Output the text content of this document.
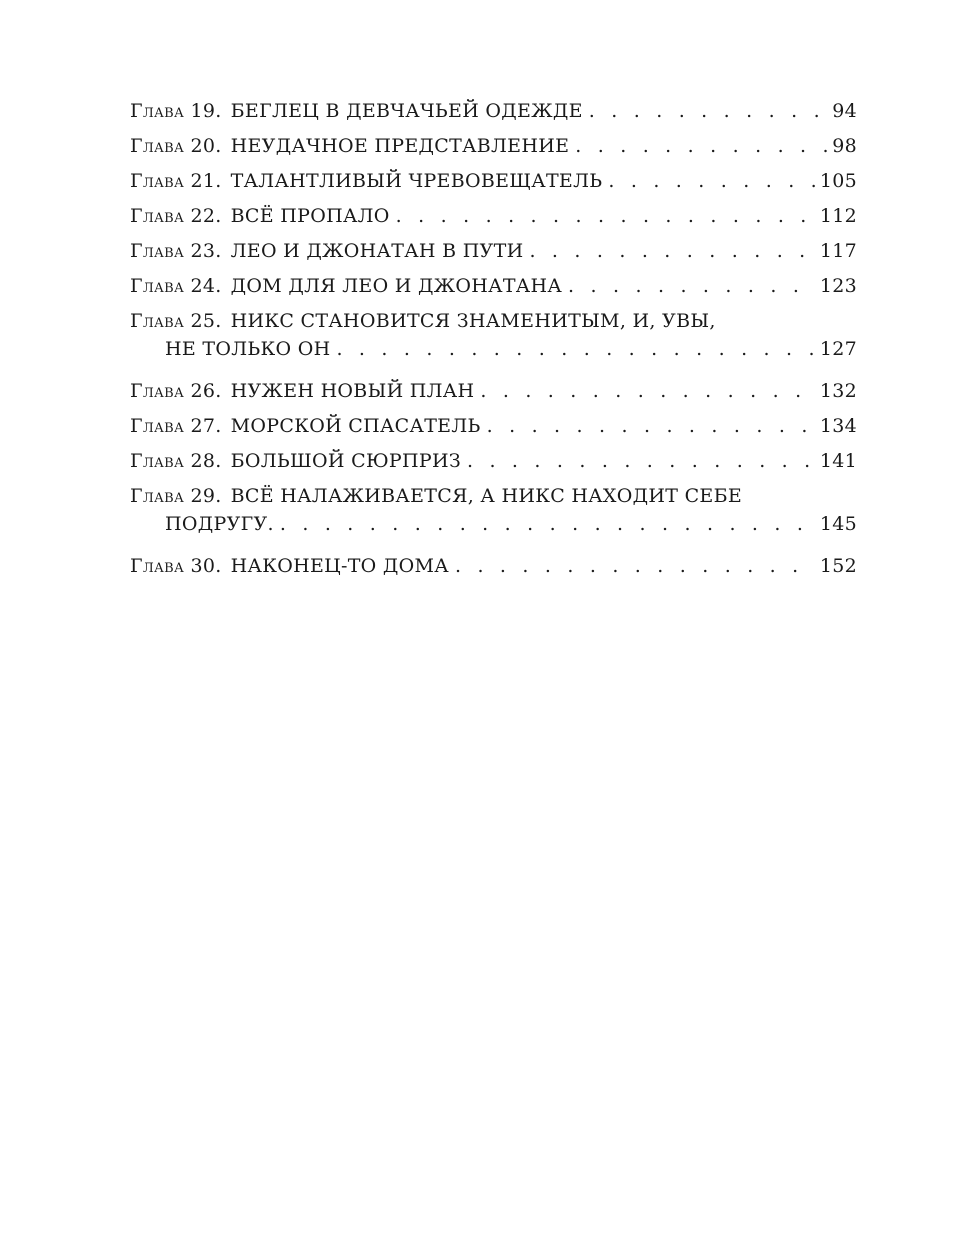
Глава 19. БЕГЛЕЦ В ДЕВЧАЧЬЕЙ ОДЕЖДЕ . . .	94
Глава 20. НЕУДАЧНОЕ ПРЕДСТАВЛЕНИЕ . . .	98
Глава 21. ТАЛАНТЛИВЫЙ ЧРЕВОВЕЩАТЕЛЬ . . .	105
Глава 22. ВСЁ ПРОПАЛО . . .	112
Глава 23. ЛЕО И ДЖОНАТАН В ПУТИ . . .	117
Глава 24. ДОМ ДЛЯ ЛЕО И ДЖОНАТАНА . . .	123
Глава 25. НИКС СТАНОВИТСЯ ЗНАМЕНИТЫМ, И, УВЫ,
НЕ ТОЛЬКО ОН . . .	127
Глава 26. НУЖЕН НОВЫЙ ПЛАН . . .	132
Глава 27. МОРСКОЙ СПАСАТЕЛЬ . . .	134
Глава 28. БОЛЬШОЙ СЮРПРИЗ . . .	141
Глава 29. ВСЁ НАЛАЖИВАЕТСЯ, А НИКС НАХОДИТ СЕБЕ
ПОДРУГУ. . . .	145
Глава 30. НАКОНЕЦ-ТО ДОМА . . .	152
